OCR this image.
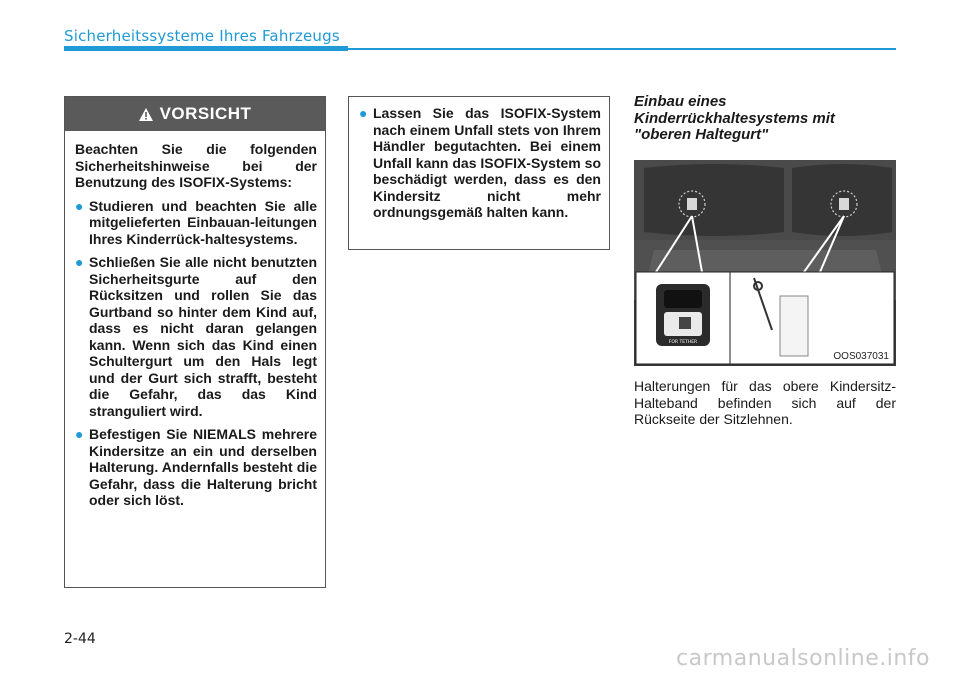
Sicherheitssysteme Ihres Fahrzeugs
VORSICHT

Beachten Sie die folgenden Sicherheitshinweise bei der Benutzung des ISOFIX-Systems:

● Studieren und beachten Sie alle mitgelieferten Einbauan-leitungen Ihres Kinderrück-haltesystems.
● Schließen Sie alle nicht benutzten Sicherheitsgurte auf den Rücksitzen und rollen Sie das Gurtband so hinter dem Kind auf, dass es nicht daran gelangen kann. Wenn sich das Kind einen Schultergurt um den Hals legt und der Gurt sich strafft, besteht die Gefahr, das das Kind stranguliert wird.
● Befestigen Sie NIEMALS mehrere Kindersitze an ein und derselben Halterung. Andernfalls besteht die Gefahr, dass die Halterung bricht oder sich löst.
● Lassen Sie das ISOFIX-System nach einem Unfall stets von Ihrem Händler begutachten. Bei einem Unfall kann das ISOFIX-System so beschädigt werden, dass es den Kindersitz nicht mehr ordnungsgemäß halten kann.
Einbau eines Kinderrückhaltesystems mit "oberen Haltegurt"
FOR TETHER
OOS037031
Halterungen für das obere Kindersitz-Halteband befinden sich auf der Rückseite der Sitzlehnen.
2-44
carmanualsonline.info
